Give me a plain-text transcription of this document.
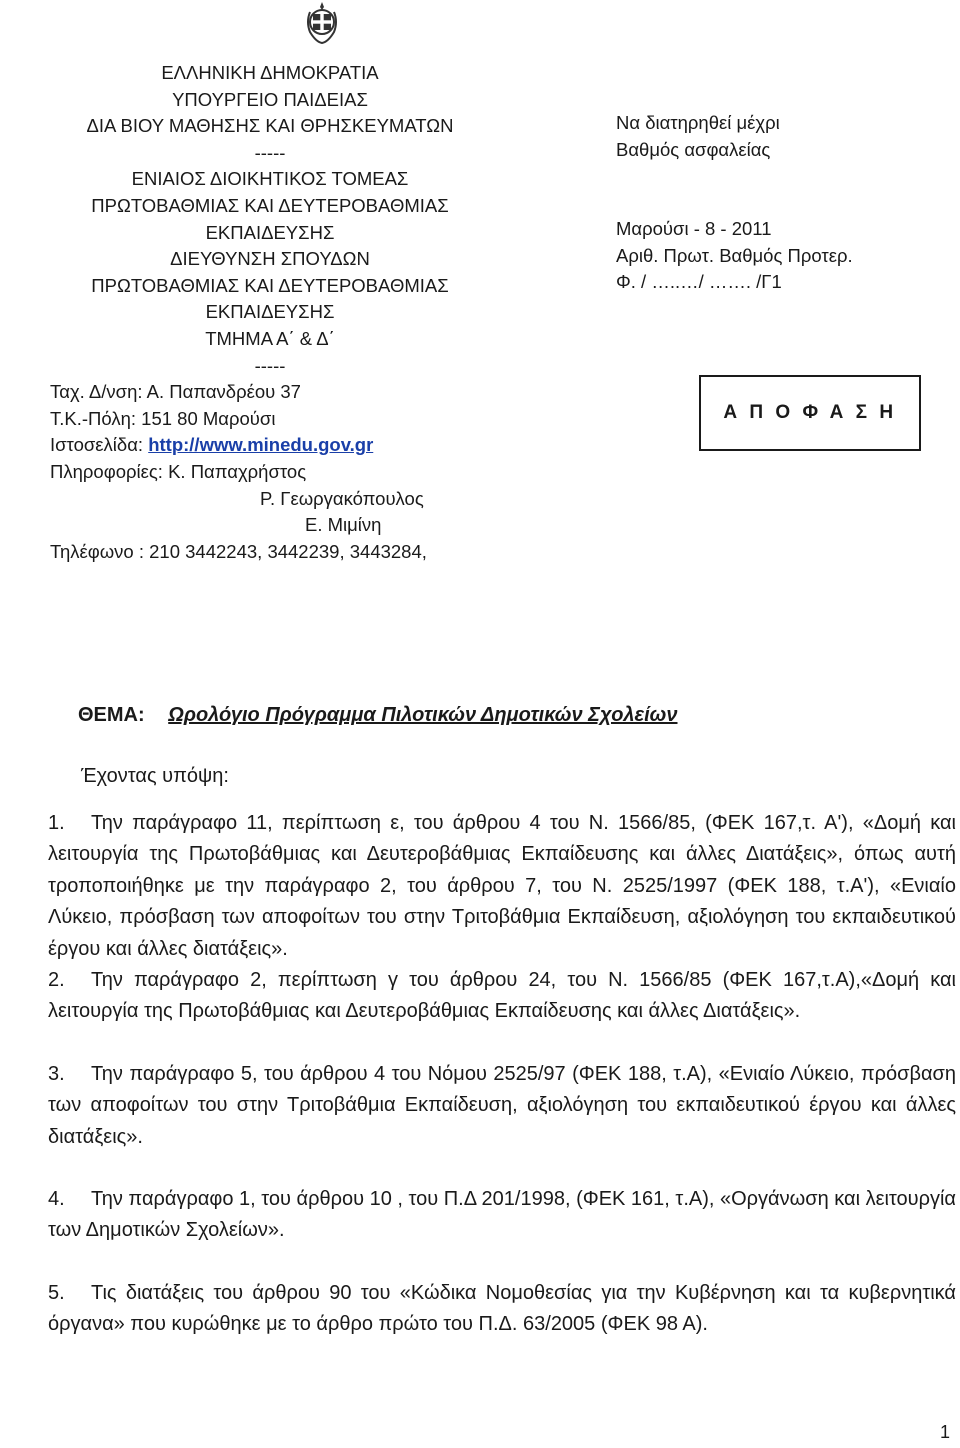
ΕΛΛΗΝΙΚΗ ΔΗΜΟΚΡΑΤΙΑ
ΥΠΟΥΡΓΕΙΟ ΠΑΙΔΕΙΑΣ
ΔΙΑ ΒΙΟΥ ΜΑΘΗΣΗΣ ΚΑΙ ΘΡΗΣΚΕΥΜΑΤΩΝ
-----
ΕΝΙΑΙΟΣ ΔΙΟΙΚΗΤΙΚΟΣ ΤΟΜΕΑΣ
ΠΡΩΤΟΒΑΘΜΙΑΣ ΚΑΙ ΔΕΥΤΕΡΟΒΑΘΜΙΑΣ
ΕΚΠΑΙΔΕΥΣΗΣ
ΔΙΕΥΘΥΝΣΗ ΣΠΟΥΔΩΝ
ΠΡΩΤΟΒΑΘΜΙΑΣ ΚΑΙ ΔΕΥΤΕΡΟΒΑΘΜΙΑΣ
ΕΚΠΑΙΔΕΥΣΗΣ
ΤΜΗΜΑ Α΄ & Δ΄
-----
Ταχ. Δ/νση: Α. Παπανδρέου 37
Τ.Κ.-Πόλη: 151 80 Μαρούσι
Ιστοσελίδα: http://www.minedu.gov.gr
Πληροφορίες: Κ. Παπαχρήστος
Ρ. Γεωργακόπουλος
Ε. Μιμίνη
Τηλέφωνο : 210 3442243, 3442239, 3443284,
Να διατηρηθεί μέχρι
Βαθμός ασφαλείας
Μαρούσι - 8 - 2011
Αριθ. Πρωτ. Βαθμός Προτερ.
Φ. / …..…/ ……. /Γ1
Α Π Ο Φ Α Σ Η
ΘΕΜΑ: Ωρολόγιο Πρόγραμμα Πιλοτικών Δημοτικών Σχολείων
Έχοντας υπόψη:
1. Την παράγραφο 11, περίπτωση ε, του άρθρου 4 του Ν. 1566/85, (ΦΕΚ 167,τ. Α'), «Δομή και λειτουργία της Πρωτοβάθμιας και Δευτεροβάθμιας Εκπαίδευσης και άλλες Διατάξεις», όπως αυτή τροποποιήθηκε με την παράγραφο 2, του άρθρου 7, του Ν. 2525/1997 (ΦΕΚ 188, τ.Α'), «Ενιαίο Λύκειο, πρόσβαση των αποφοίτων του στην Τριτοβάθμια Εκπαίδευση, αξιολόγηση του εκπαιδευτικού έργου και άλλες διατάξεις».
2. Την παράγραφο 2, περίπτωση γ του άρθρου 24, του Ν. 1566/85 (ΦΕΚ 167,τ.Α),«Δομή και λειτουργία της Πρωτοβάθμιας και Δευτεροβάθμιας Εκπαίδευσης και άλλες Διατάξεις».
3. Την παράγραφο 5, του άρθρου 4 του Νόμου 2525/97 (ΦΕΚ 188, τ.Α), «Ενιαίο Λύκειο, πρόσβαση των αποφοίτων του στην Τριτοβάθμια Εκπαίδευση, αξιολόγηση του εκπαιδευτικού έργου και άλλες διατάξεις».
4. Την παράγραφο 1, του άρθρου 10 , του Π.Δ 201/1998, (ΦΕΚ 161, τ.Α), «Οργάνωση και λειτουργία των Δημοτικών Σχολείων».
5. Τις διατάξεις του άρθρου 90 του «Κώδικα Νομοθεσίας για την Κυβέρνηση και τα κυβερνητικά όργανα» που κυρώθηκε με το άρθρο πρώτο του Π.Δ. 63/2005 (ΦΕΚ 98 Α).
1
